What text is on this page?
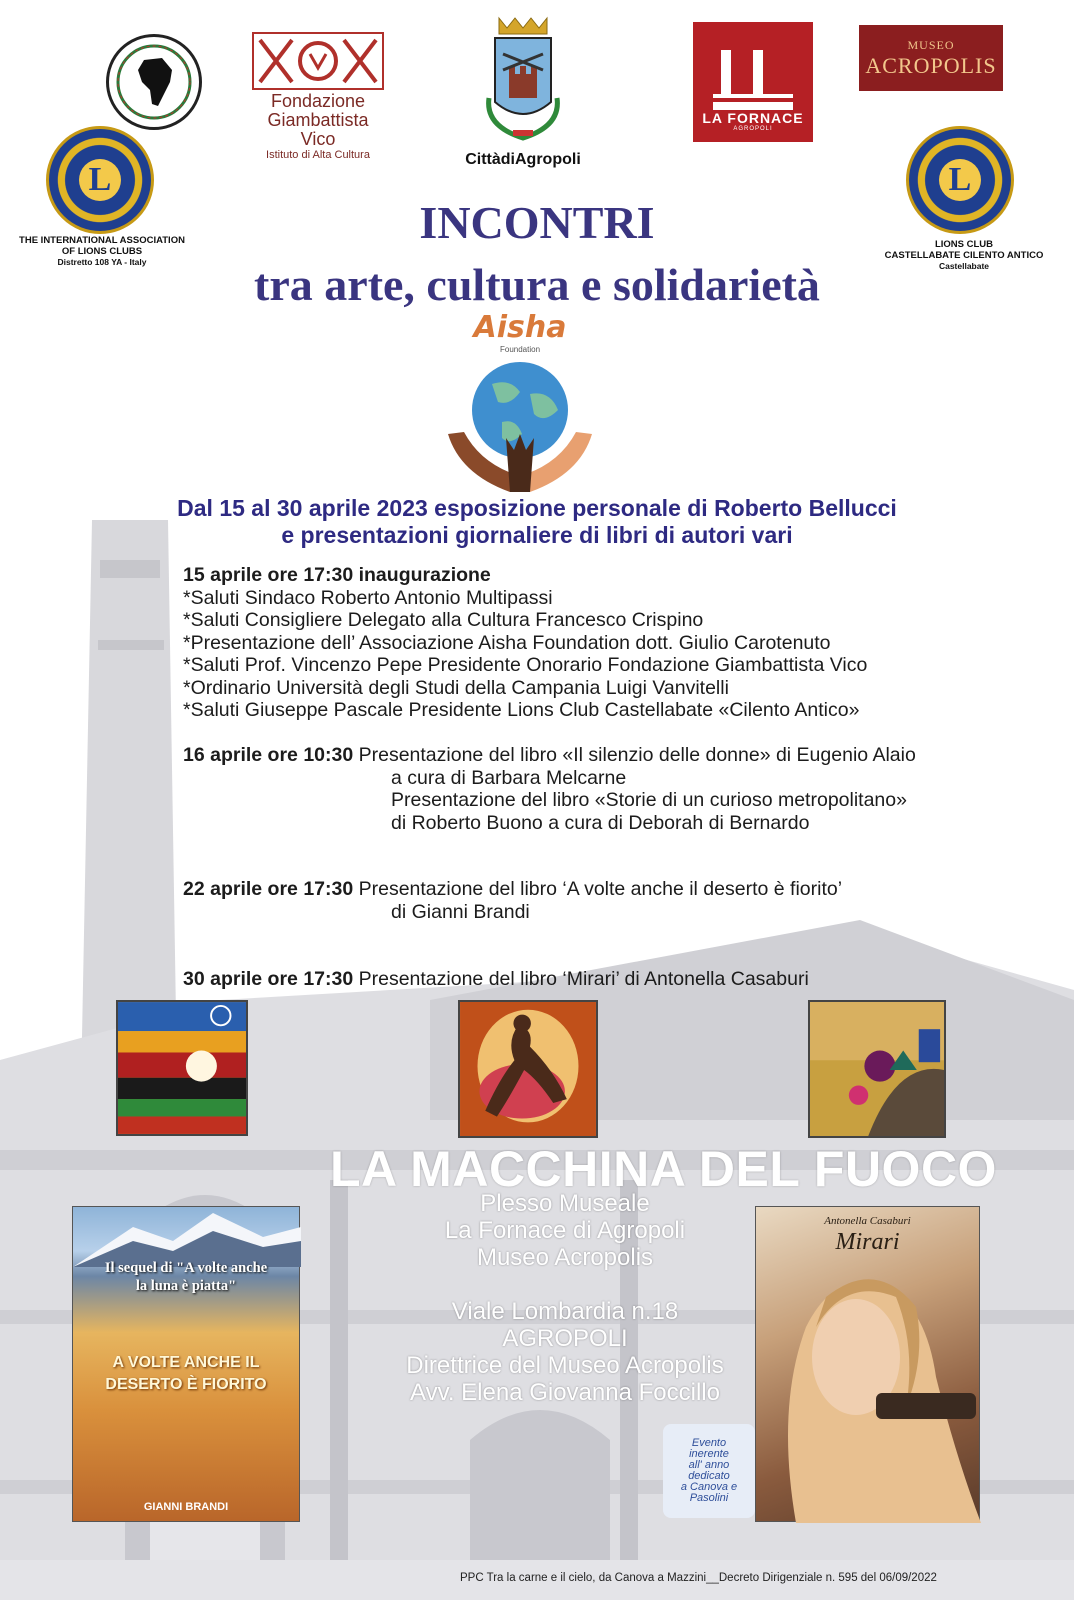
Fondazione
Giambattista Vico
Istituto di Alta Cultura	CittàdiAgropoli
LA FORNACE
AGROPOLI
MUSEO
ACROPOLIS
L
THE INTERNATIONAL ASSOCIATION
OF LIONS CLUBS
Distretto 108 YA - Italy
L
LIONS CLUB
CASTELLABATE CILENTO ANTICO
Castellabate
INCONTRI
tra arte, cultura e solidarietà
Aisha
Foundation
Dal 15 al 30 aprile 2023 esposizione personale di Roberto Bellucci
e presentazioni giornaliere di libri di autori vari
15 aprile ore 17:30 inaugurazione
*Saluti Sindaco Roberto Antonio Multipassi
*Saluti Consigliere Delegato alla Cultura Francesco Crispino
*Presentazione dell’ Associazione Aisha Foundation dott. Giulio Carotenuto
*Saluti Prof. Vincenzo Pepe Presidente Onorario Fondazione Giambattista Vico
*Ordinario Università degli Studi della Campania Luigi Vanvitelli
*Saluti Giuseppe Pascale Presidente Lions Club Castellabate «Cilento Antico»
16 aprile ore 10:30 Presentazione del libro «Il silenzio delle donne» di Eugenio Alaio
a cura di Barbara Melcarne
Presentazione del libro «Storie di un curioso metropolitano»
di Roberto Buono a cura di Deborah di Bernardo
22 aprile ore 17:30 Presentazione del libro ‘A volte anche il deserto è fiorito’
di Gianni Brandi
30 aprile ore 17:30 Presentazione del libro ‘Mirari’ di Antonella Casaburi
LA MACCHINA DEL FUOCO
Plesso Museale
La Fornace di Agropoli
Museo Acropolis
Viale Lombardia n.18
AGROPOLI
Direttrice del Museo Acropolis
Avv. Elena Giovanna Foccillo
Il sequel di "A volte anche
la luna è piatta"
A VOLTE ANCHE IL
DESERTO È FIORITO
GIANNI BRANDI
Antonella Casaburi
Mirari
Evento
inerente
all' anno
dedicato
a Canova e
Pasolini
PPC Tra la carne e il cielo, da Canova a Mazzini__Decreto Dirigenziale n. 595 del 06/09/2022
